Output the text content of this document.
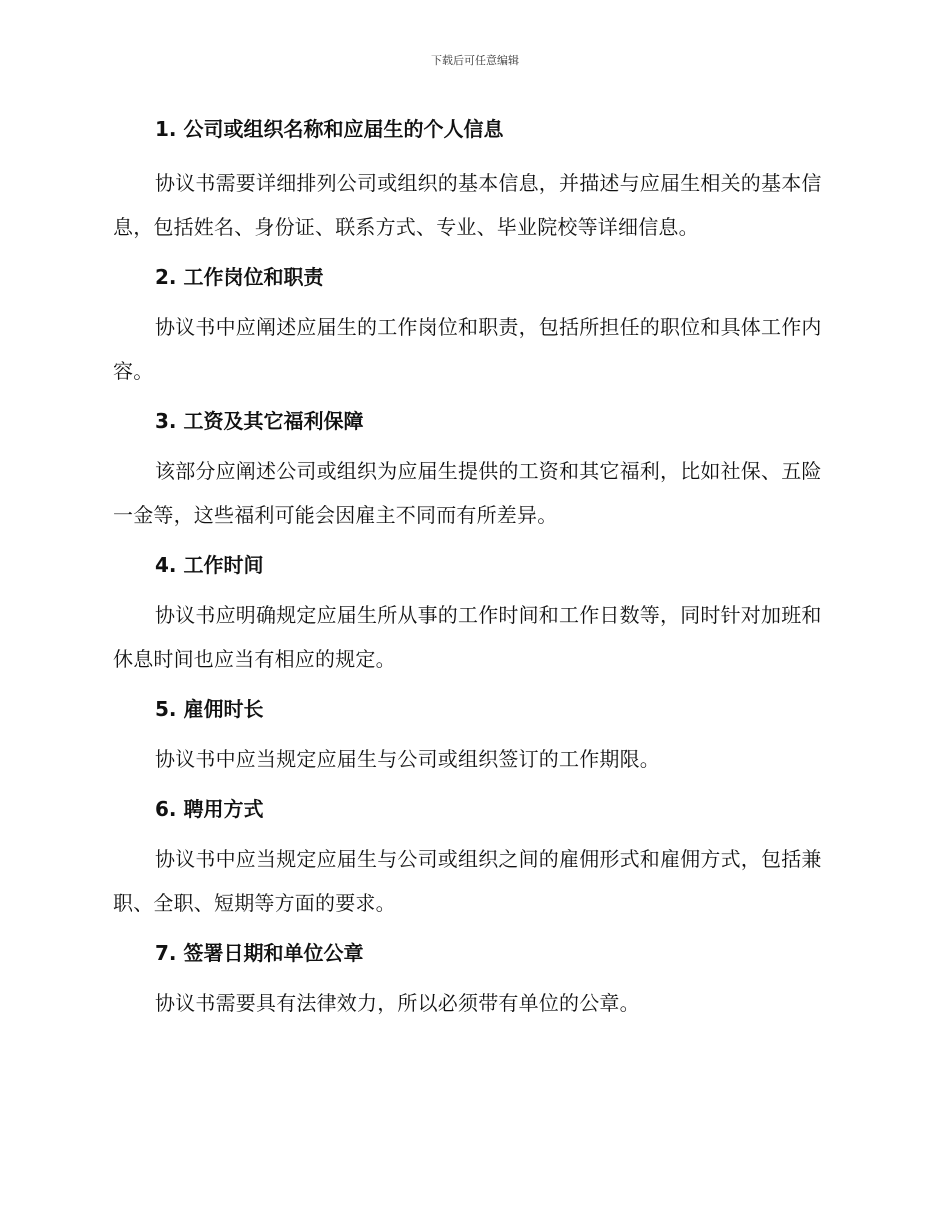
下载后可任意编辑

1. 公司或组织名称和应届生的个人信息

协议书需要详细排列公司或组织的基本信息，并描述与应届生相关的基本信息，包括姓名、身份证、联系方式、专业、毕业院校等详细信息。

2. 工作岗位和职责

协议书中应阐述应届生的工作岗位和职责，包括所担任的职位和具体工作内容。

3. 工资及其它福利保障

该部分应阐述公司或组织为应届生提供的工资和其它福利，比如社保、五险一金等，这些福利可能会因雇主不同而有所差异。

4. 工作时间

协议书应明确规定应届生所从事的工作时间和工作日数等，同时针对加班和休息时间也应当有相应的规定。

5. 雇佣时长

协议书中应当规定应届生与公司或组织签订的工作期限。

6. 聘用方式

协议书中应当规定应届生与公司或组织之间的雇佣形式和雇佣方式，包括兼职、全职、短期等方面的要求。

7. 签署日期和单位公章

协议书需要具有法律效力，所以必须带有单位的公章。
